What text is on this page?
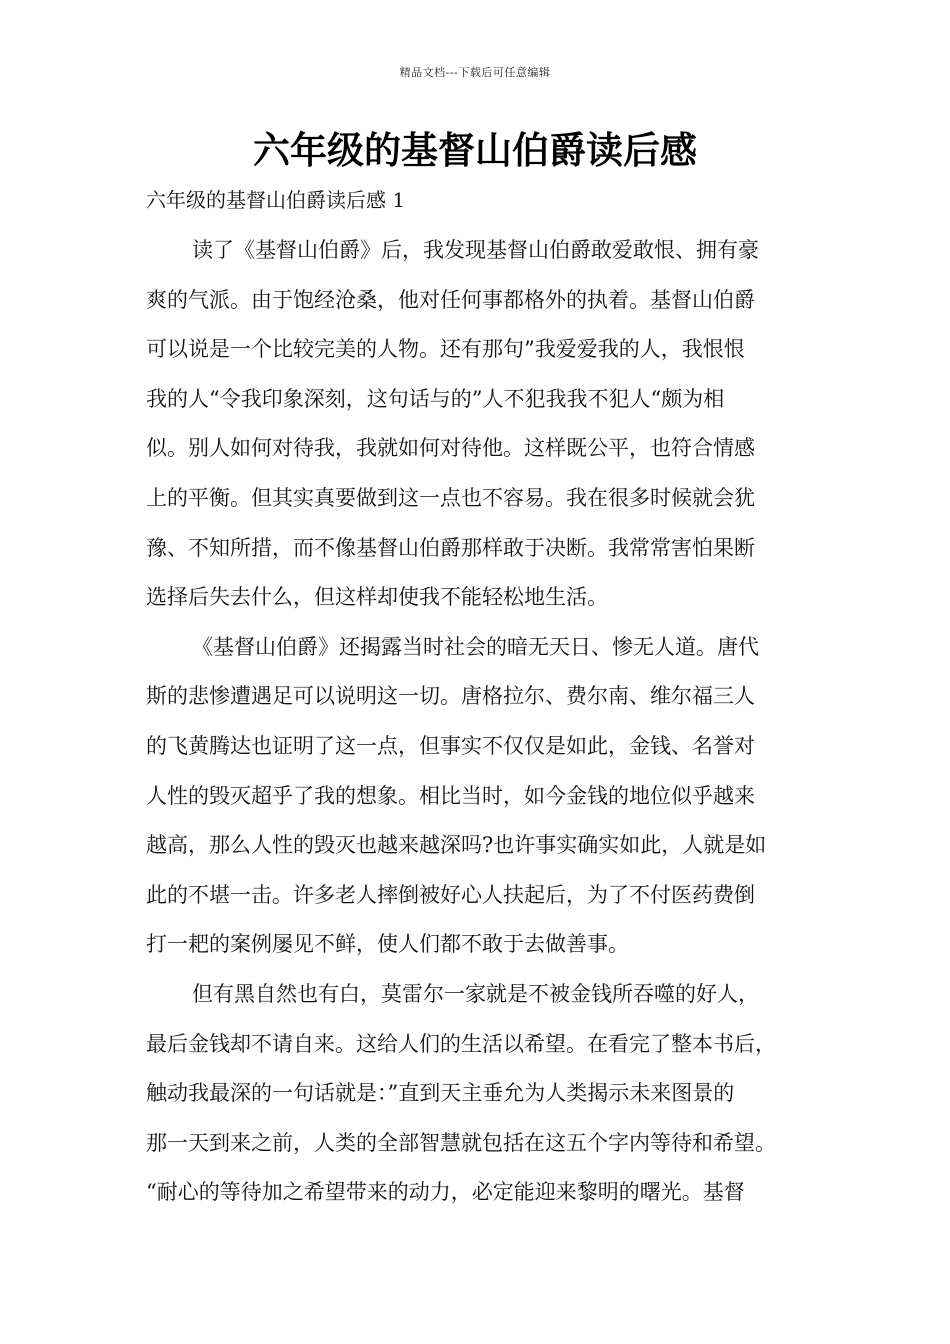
精品文档---下载后可任意编辑
六年级的基督山伯爵读后感
六年级的基督山伯爵读后感 1
读了《基督山伯爵》后，我发现基督山伯爵敢爱敢恨、拥有豪
爽的气派。由于饱经沧桑，他对任何事都格外的执着。基督山伯爵
可以说是一个比较完美的人物。还有那句”我爱爱我的人，我恨恨
我的人“令我印象深刻，这句话与的”人不犯我我不犯人“颇为相
似。别人如何对待我，我就如何对待他。这样既公平，也符合情感
上的平衡。但其实真要做到这一点也不容易。我在很多时候就会犹
豫、不知所措，而不像基督山伯爵那样敢于决断。我常常害怕果断
选择后失去什么，但这样却使我不能轻松地生活。
《基督山伯爵》还揭露当时社会的暗无天日、惨无人道。唐代
斯的悲惨遭遇足可以说明这一切。唐格拉尔、费尔南、维尔福三人
的飞黄腾达也证明了这一点，但事实不仅仅是如此，金钱、名誉对
人性的毁灭超乎了我的想象。相比当时，如今金钱的地位似乎越来
越高，那么人性的毁灭也越来越深吗?也许事实确实如此，人就是如
此的不堪一击。许多老人摔倒被好心人扶起后，为了不付医药费倒
打一耙的案例屡见不鲜，使人们都不敢于去做善事。
但有黑自然也有白，莫雷尔一家就是不被金钱所吞噬的好人，
最后金钱却不请自来。这给人们的生活以希望。在看完了整本书后，
触动我最深的一句话就是：”直到天主垂允为人类揭示未来图景的
那一天到来之前，人类的全部智慧就包括在这五个字内等待和希望。
“耐心的等待加之希望带来的动力，必定能迎来黎明的曙光。基督
